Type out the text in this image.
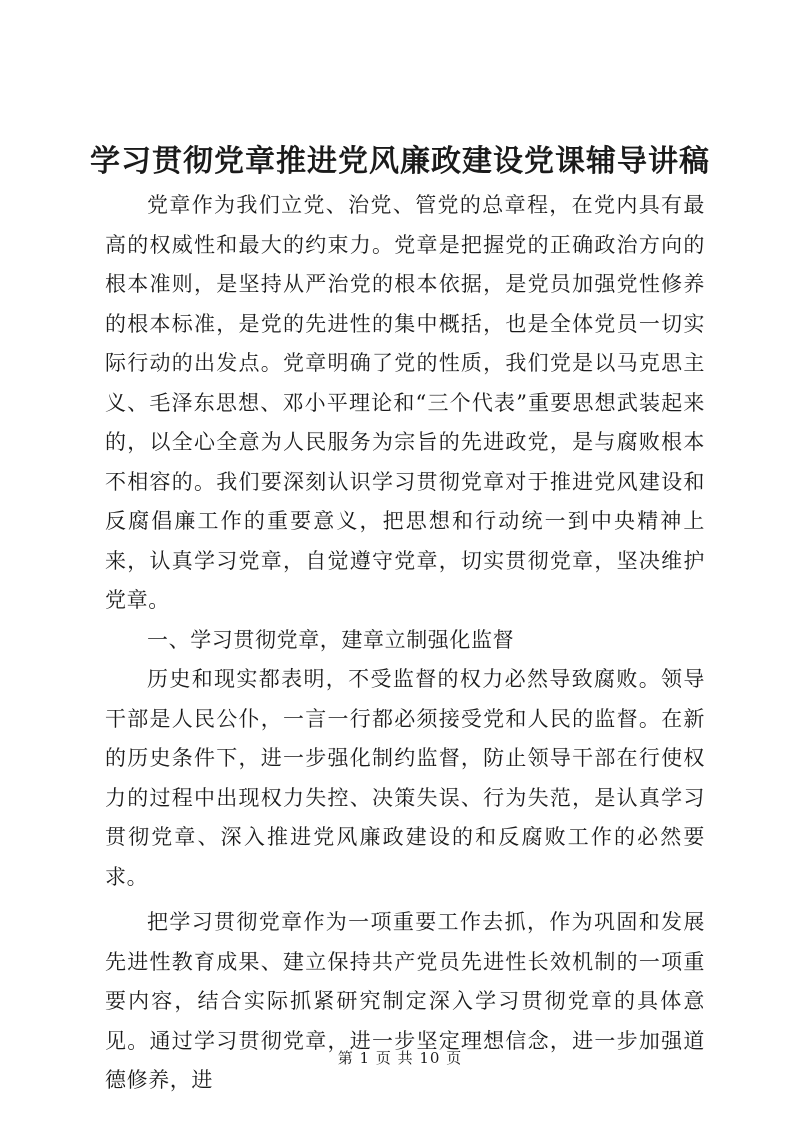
学习贯彻党章推进党风廉政建设党课辅导讲稿

党章作为我们立党、治党、管党的总章程，在党内具有最高的权威性和最大的约束力。党章是把握党的正确政治方向的根本准则，是坚持从严治党的根本依据，是党员加强党性修养的根本标准，是党的先进性的集中概括，也是全体党员一切实际行动的出发点。党章明确了党的性质，我们党是以马克思主义、毛泽东思想、邓小平理论和“三个代表”重要思想武装起来的，以全心全意为人民服务为宗旨的先进政党，是与腐败根本不相容的。我们要深刻认识学习贯彻党章对于推进党风建设和反腐倡廉工作的重要意义，把思想和行动统一到中央精神上来，认真学习党章，自觉遵守党章，切实贯彻党章，坚决维护党章。

一、学习贯彻党章，建章立制强化监督

历史和现实都表明，不受监督的权力必然导致腐败。领导干部是人民公仆，一言一行都必须接受党和人民的监督。在新的历史条件下，进一步强化制约监督，防止领导干部在行使权力的过程中出现权力失控、决策失误、行为失范，是认真学习贯彻党章、深入推进党风廉政建设的和反腐败工作的必然要求。

把学习贯彻党章作为一项重要工作去抓，作为巩固和发展先进性教育成果、建立保持共产党员先进性长效机制的一项重要内容，结合实际抓紧研究制定深入学习贯彻党章的具体意见。通过学习贯彻党章，进一步坚定理想信念，进一步加强道德修养，进

第 1 页 共 10 页
